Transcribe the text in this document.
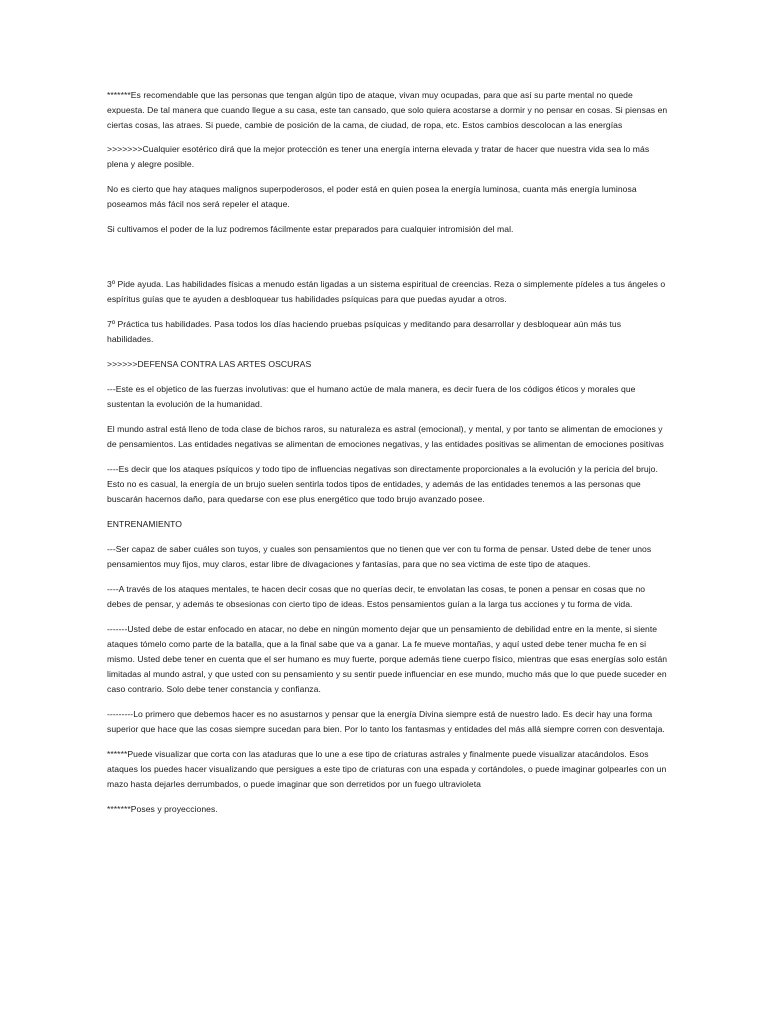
*******Es recomendable que las personas que tengan algún tipo de ataque, vivan muy ocupadas, para que así su parte mental no quede expuesta. De tal manera que cuando llegue a su casa, este tan cansado, que solo quiera acostarse a dormir y no pensar en cosas. Si piensas en ciertas cosas, las atraes. Si puede, cambie de posición de la cama, de ciudad, de ropa, etc. Estos cambios descolocan a las energías

>>>>>>>Cualquier esotérico dirá que la mejor protección es tener una energía interna elevada y tratar de hacer que nuestra vida sea lo más plena y alegre posible.

No es cierto que hay ataques malignos superpoderosos, el poder está en quien posea la energía luminosa, cuanta más energía luminosa poseamos más fácil nos será repeler el ataque.

Si cultivamos el poder de la luz podremos fácilmente estar preparados para cualquier intromisión del mal.

3º Pide ayuda. Las habilidades físicas a menudo están ligadas a un sistema espiritual de creencias. Reza o simplemente pídeles a tus ángeles o espíritus guías que te ayuden a desbloquear tus habilidades psíquicas para que puedas ayudar a otros.

7º Práctica tus habilidades. Pasa todos los días haciendo pruebas psíquicas y meditando para desarrollar y desbloquear aún más tus habilidades.

>>>>>>DEFENSA CONTRA LAS ARTES OSCURAS

---Este es el objetico de las fuerzas involutivas: que el humano actúe de mala manera, es decir fuera de los códigos éticos y morales que sustentan la evolución de la humanidad.

El mundo astral está lleno de toda clase de bichos raros, su naturaleza es astral (emocional), y mental, y por tanto se alimentan de emociones y de pensamientos. Las entidades negativas se alimentan de emociones negativas, y las entidades positivas se alimentan de emociones positivas

----Es decir que los ataques psíquicos y todo tipo de influencias negativas son directamente proporcionales a la evolución y la pericia del brujo. Esto no es casual, la energía de un brujo suelen sentirla todos tipos de entidades, y además de las entidades tenemos a las personas que buscarán hacernos daño, para quedarse con ese plus energético que todo brujo avanzado posee.

ENTRENAMIENTO

---Ser capaz de saber cuáles son tuyos, y cuales son pensamientos que no tienen que ver con tu forma de pensar. Usted debe de tener unos pensamientos muy fijos, muy claros, estar libre de divagaciones y fantasías, para que no sea victima de este tipo de ataques.

----A través de los ataques mentales, te hacen decir cosas que no querías decir, te envolatan las cosas, te ponen a pensar en cosas que no debes de pensar, y además te obsesionas con cierto tipo de ideas. Estos pensamientos guían a la larga tus acciones y tu forma de vida.

-------Usted debe de estar enfocado en atacar, no debe en ningún momento dejar que un pensamiento de debilidad entre en la mente, si siente ataques tómelo como parte de la batalla, que a la final sabe que va a ganar. La fe mueve montañas, y aquí usted debe tener mucha fe en si mismo. Usted debe tener en cuenta que el ser humano es muy fuerte, porque además tiene cuerpo físico, mientras que esas energías solo están limitadas al mundo astral, y que usted con su pensamiento y su sentir puede influenciar en ese mundo, mucho más que lo que puede suceder en caso contrario. Solo debe tener constancia y confianza.

---------Lo primero que debemos hacer es no asustarnos y pensar que la energía Divina siempre está de nuestro lado. Es decir hay una forma superior que hace que las cosas siempre sucedan para bien. Por lo tanto los fantasmas y entidades del más allá siempre corren con desventaja.

******Puede visualizar que corta con las ataduras que lo une a ese tipo de criaturas astrales y finalmente puede visualizar atacándolos. Esos ataques los puedes hacer visualizando que persigues a este tipo de criaturas con una espada y cortándoles, o puede imaginar golpearles con un mazo hasta dejarles derrumbados, o puede imaginar que son derretidos por un fuego ultravioleta

*******Poses y proyecciones.
